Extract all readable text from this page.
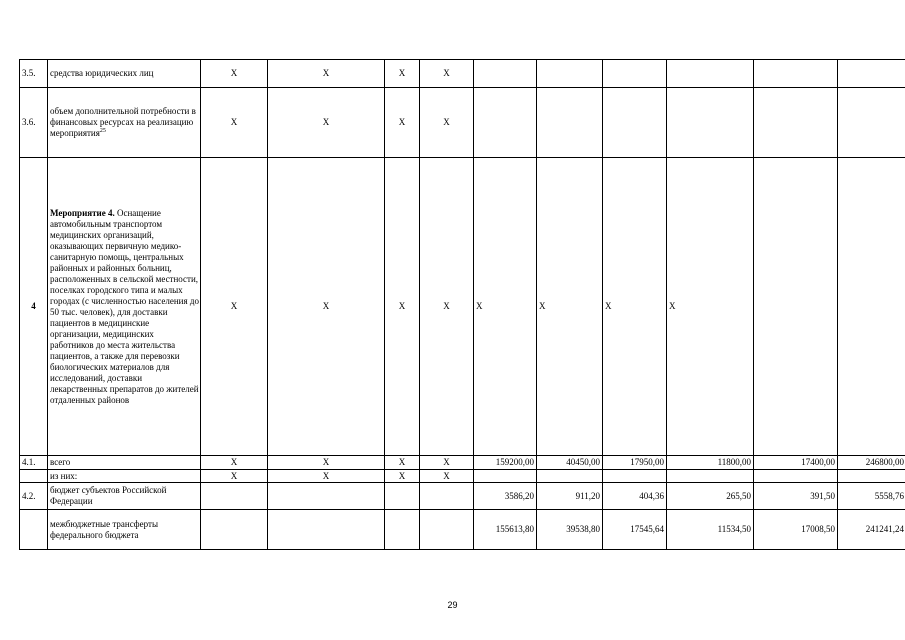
3.5.	средства юридических лиц	Х	Х	Х	Х						
3.6.	объем дополнительной потребности в финансовых ресурсах на реализацию мероприятия$^{25}$	Х	Х	Х	Х						
4	Мероприятие 4. Оснащение автомобильным транспортом медицинских организаций, оказывающих первичную медико-санитарную помощь, центральных районных и районных больниц, расположенных в сельской местности, поселках городского типа и малых городах (с численностью населения до 50 тыс. человек), для доставки пациентов в медицинские организации, медицинских работников до места жительства пациентов, а также для перевозки биологических материалов для исследований, доставки лекарственных препаратов до жителей отдаленных районов	Х	Х	Х	Х	Х	Х	Х	Х		
4.1.	всего	Х	Х	Х	Х	159200,00	40450,00	17950,00	11800,00	17400,00	246800,00
	из них:	Х	Х	Х	Х						
4.2.	бюджет субъектов Российской Федерации					3586,20	911,20	404,36	265,50	391,50	5558,76
	межбюджетные трансферты федерального бюджета					155613,80	39538,80	17545,64	11534,50	17008,50	241241,24
29
